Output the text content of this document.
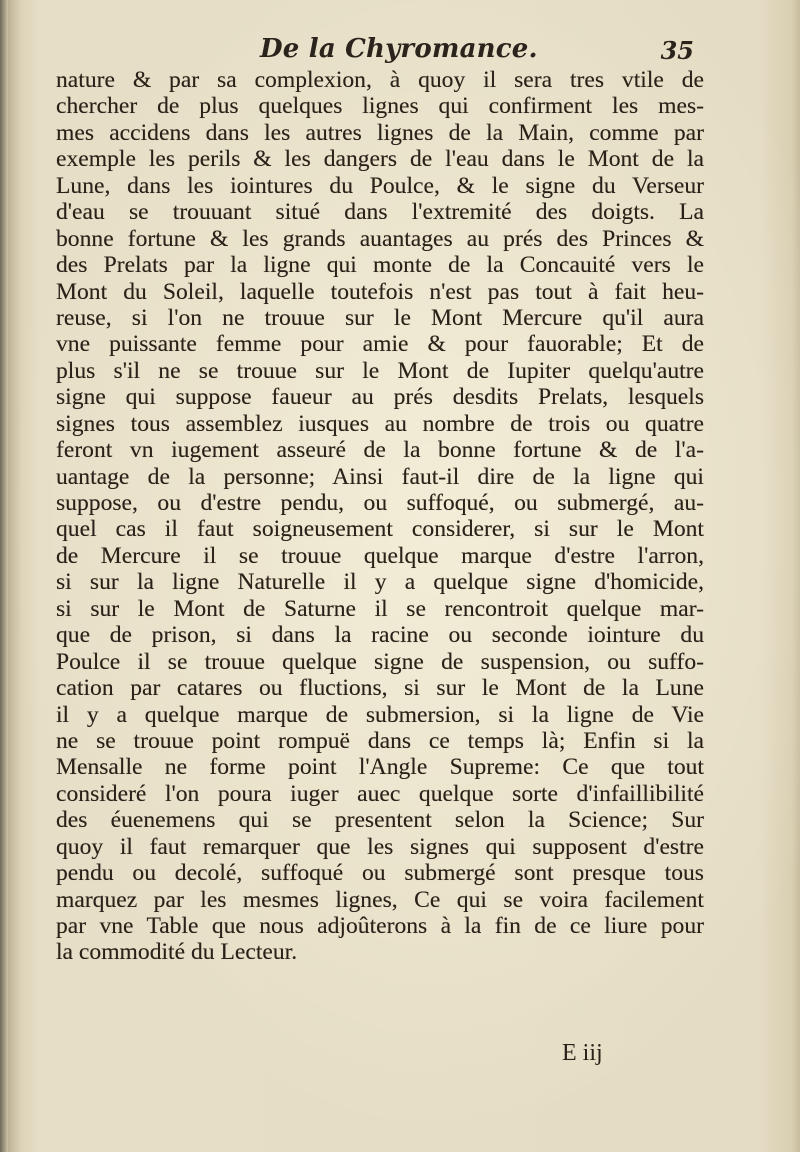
De la Chyromance.	35
nature & par sa complexion, à quoy il sera tres vtile de
chercher de plus quelques lignes qui confirment les mes-
mes accidens dans les autres lignes de la Main, comme par
exemple les perils & les dangers de l'eau dans le Mont de la
Lune, dans les iointures du Poulce, & le signe du Verseur
d'eau se trouuant situé dans l'extremité des doigts. La
bonne fortune & les grands auantages au prés des Princes &
des Prelats par la ligne qui monte de la Concauité vers le
Mont du Soleil, laquelle toutefois n'est pas tout à fait heu-
reuse, si l'on ne trouue sur le Mont Mercure qu'il aura
vne puissante femme pour amie & pour fauorable; Et de
plus s'il ne se trouue sur le Mont de Iupiter quelqu'autre
signe qui suppose faueur au prés desdits Prelats, lesquels
signes tous assemblez iusques au nombre de trois ou quatre
feront vn iugement asseuré de la bonne fortune & de l'a-
uantage de la personne; Ainsi faut-il dire de la ligne qui
suppose, ou d'estre pendu, ou suffoqué, ou submergé, au-
quel cas il faut soigneusement considerer, si sur le Mont
de Mercure il se trouue quelque marque d'estre l'arron,
si sur la ligne Naturelle il y a quelque signe d'homicide,
si sur le Mont de Saturne il se rencontroit quelque mar-
que de prison, si dans la racine ou seconde iointure du
Poulce il se trouue quelque signe de suspension, ou suffo-
cation par catares ou fluctions, si sur le Mont de la Lune
il y a quelque marque de submersion, si la ligne de Vie
ne se trouue point rompuë dans ce temps là; Enfin si la
Mensalle ne forme point l'Angle Supreme: Ce que tout
consideré l'on poura iuger auec quelque sorte d'infaillibilité
des éuenemens qui se presentent selon la Science; Sur
quoy il faut remarquer que les signes qui supposent d'estre
pendu ou decolé, suffoqué ou submergé sont presque tous
marquez par les mesmes lignes, Ce qui se voira facilement
par vne Table que nous adjoûterons à la fin de ce liure pour
la commodité du Lecteur.
E iij
